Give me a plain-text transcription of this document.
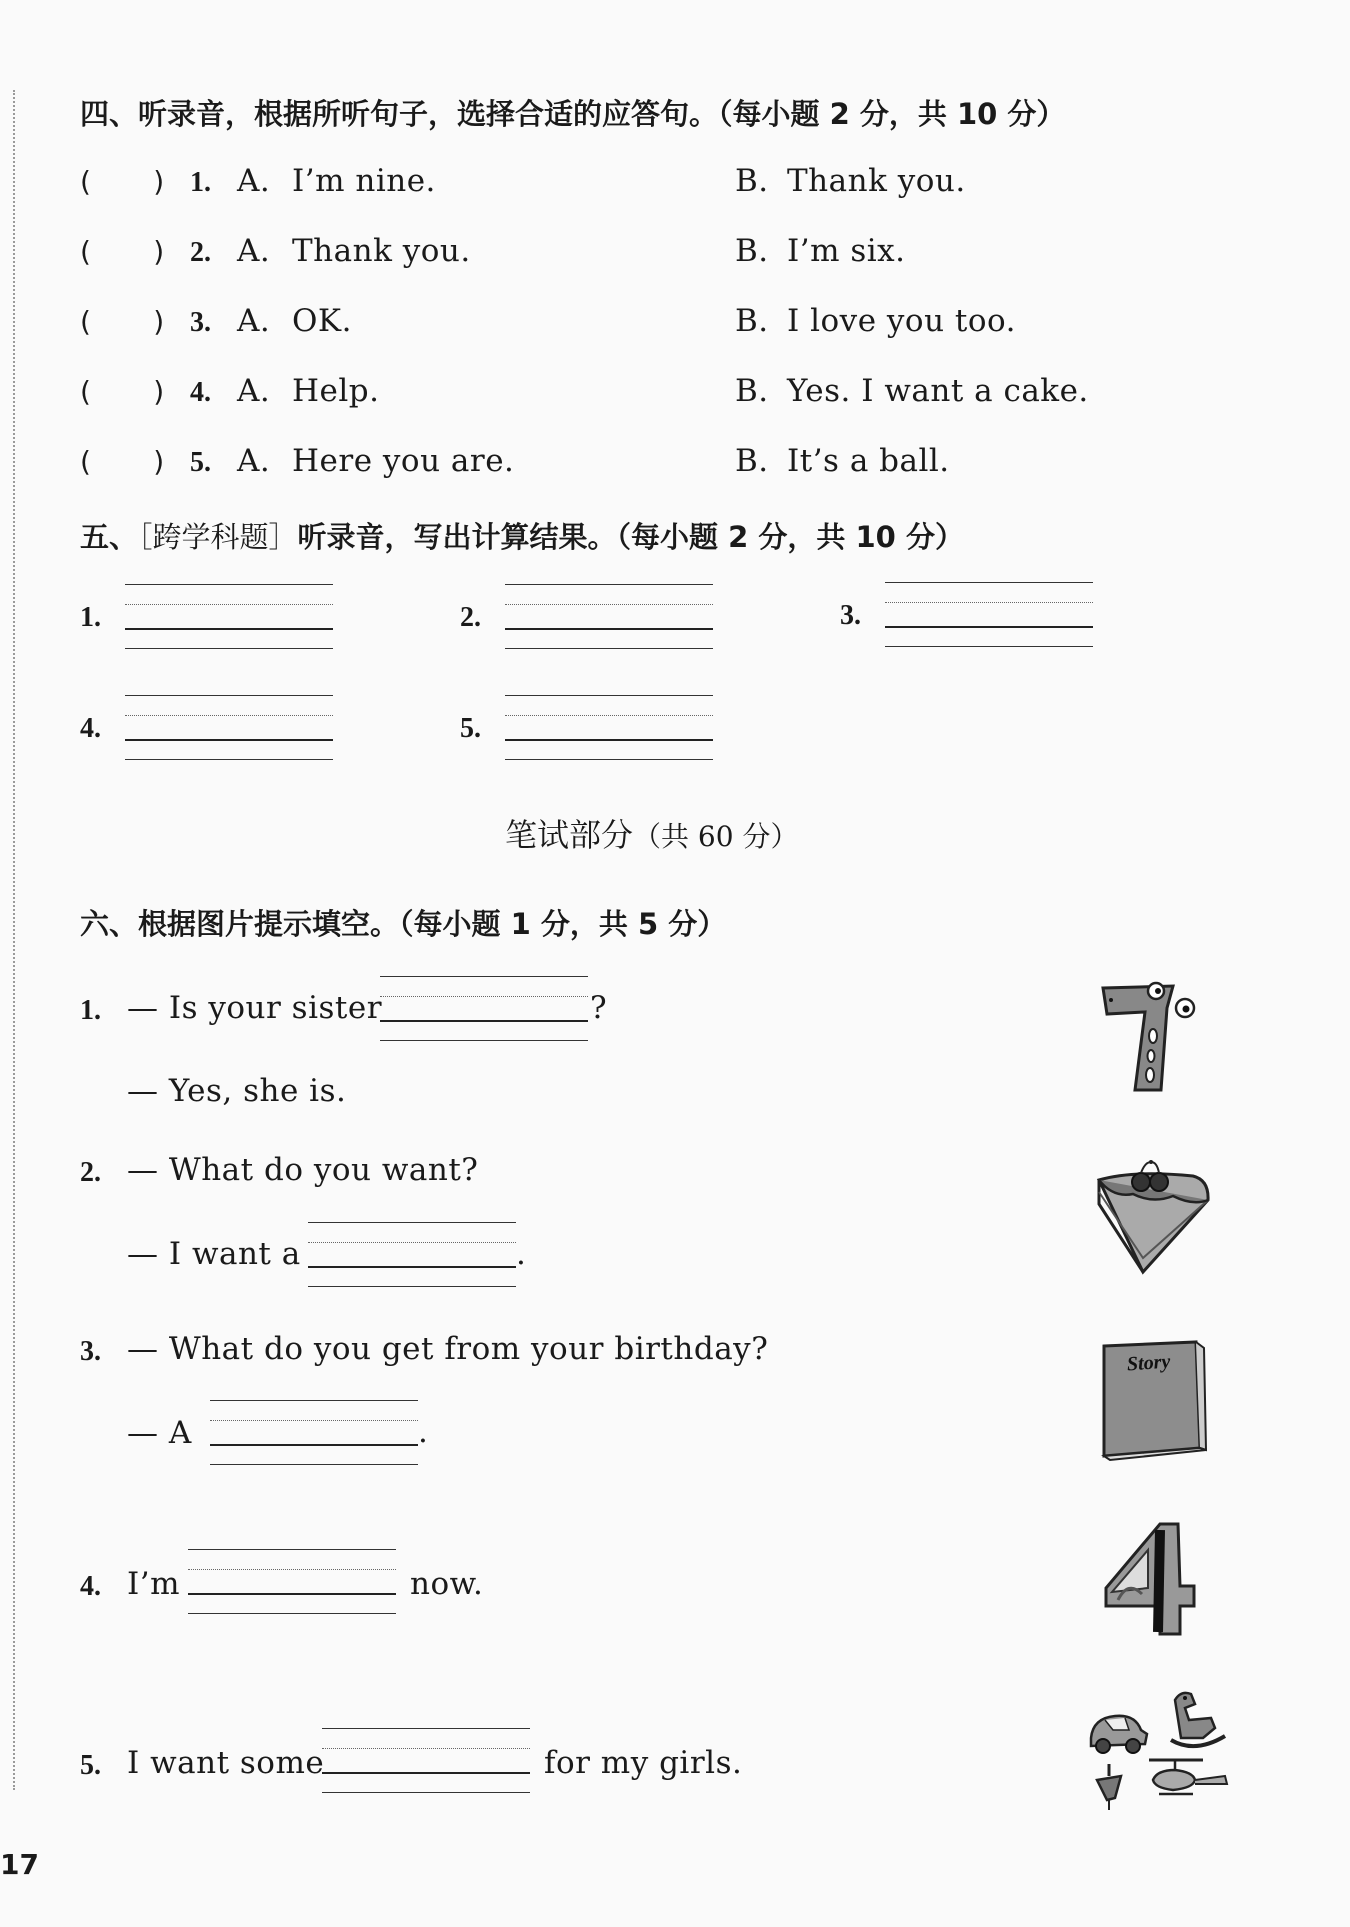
四、听录音，根据所听句子，选择合适的应答句。（每小题 2 分，共 10 分）
(       ) 1. A. I’m nine.	B. Thank you.
(       ) 2. A. Thank you.	B. I’m six.
(       ) 3. A. OK.	B. I love you too.
(       ) 4. A. Help.	B. Yes. I want a cake.
(       ) 5. A. Here you are.	B. It’s a ball.
五、［跨学科题］听录音，写出计算结果。（每小题 2 分，共 10 分）
1.	2.	3.
4.	5.
笔试部分（共 60 分）
六、根据图片提示填空。（每小题 1 分，共 5 分）
1. — Is your sister	?
— Yes, she is.
2. — What do you want?
— I want a	.
3. — What do you get from your birthday?
— A	.
Story
4. I’m	now.
5. I want some	for my girls.
17
